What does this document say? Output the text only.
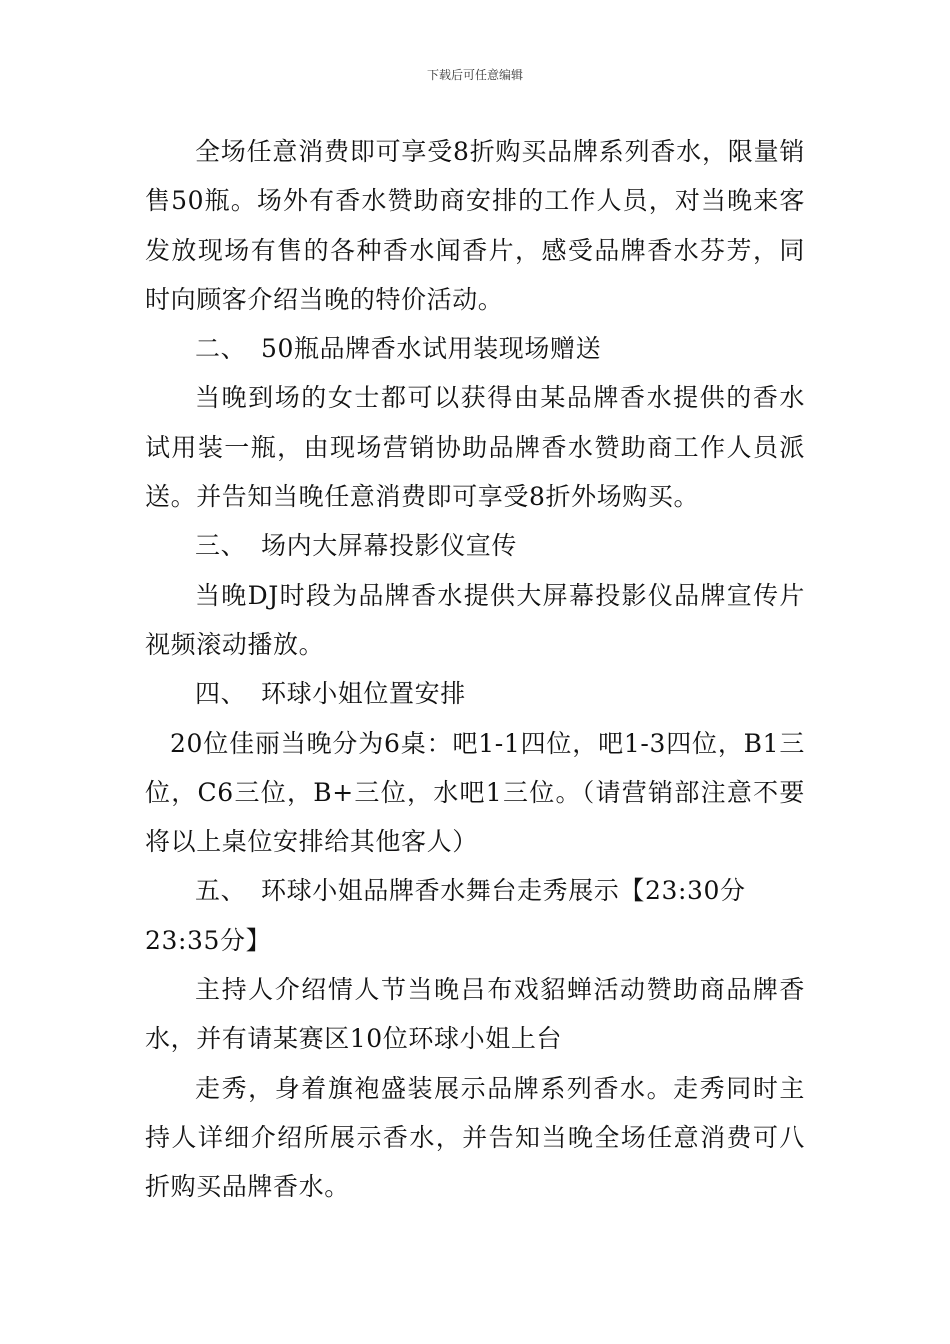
下载后可任意编辑

全场任意消费即可享受8折购买品牌系列香水，限量销售50瓶。场外有香水赞助商安排的工作人员，对当晚来客发放现场有售的各种香水闻香片，感受品牌香水芬芳，同时向顾客介绍当晚的特价活动。

二、 50瓶品牌香水试用装现场赠送

当晚到场的女士都可以获得由某品牌香水提供的香水试用装一瓶，由现场营销协助品牌香水赞助商工作人员派送。并告知当晚任意消费即可享受8折外场购买。

三、 场内大屏幕投影仪宣传

当晚DJ时段为品牌香水提供大屏幕投影仪品牌宣传片视频滚动播放。

四、 环球小姐位置安排

20位佳丽当晚分为6桌：吧1-1四位，吧1-3四位，B1三位，C6三位，B+三位，水吧1三位。（请营销部注意不要将以上桌位安排给其他客人）

五、 环球小姐品牌香水舞台走秀展示【23:30分23:35分】

主持人介绍情人节当晚吕布戏貂蝉活动赞助商品牌香水，并有请某赛区10位环球小姐上台

走秀，身着旗袍盛装展示品牌系列香水。走秀同时主持人详细介绍所展示香水，并告知当晚全场任意消费可八折购买品牌香水。
